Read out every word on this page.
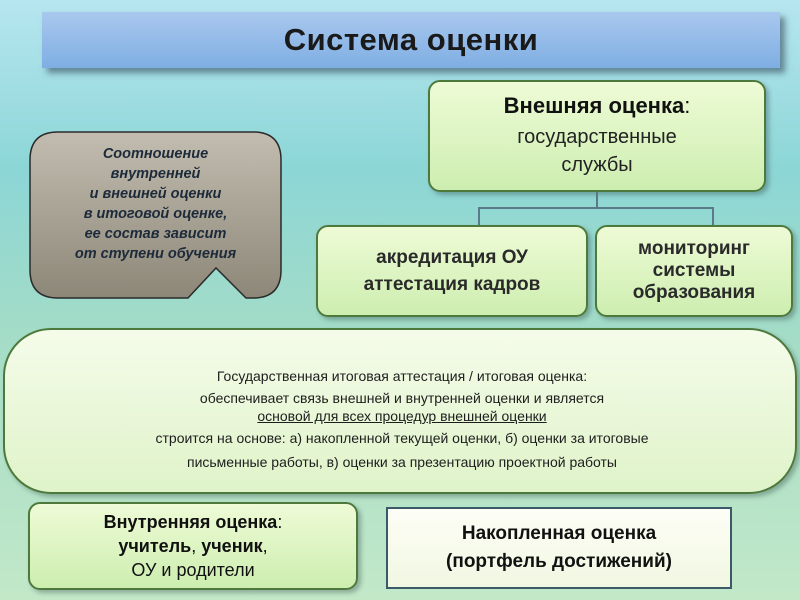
Система оценки
Внешняя оценка:
государственные
службы
акредитация ОУ
аттестация кадров
мониторинг
системы
образования
Соотношение
внутренней
и внешней оценки
в итоговой оценке,
ее состав зависит
от ступени обучения
Государственная итоговая аттестация / итоговая оценка:
обеспечивает связь внешней и внутренней оценки и является
основой для всех процедур внешней оценки
строится на основе: а) накопленной текущей оценки, б) оценки за итоговые
письменные работы, в) оценки за презентацию проектной работы
Внутренняя оценка:
учитель, ученик,
ОУ и родители
Накопленная оценка
(портфель достижений)
